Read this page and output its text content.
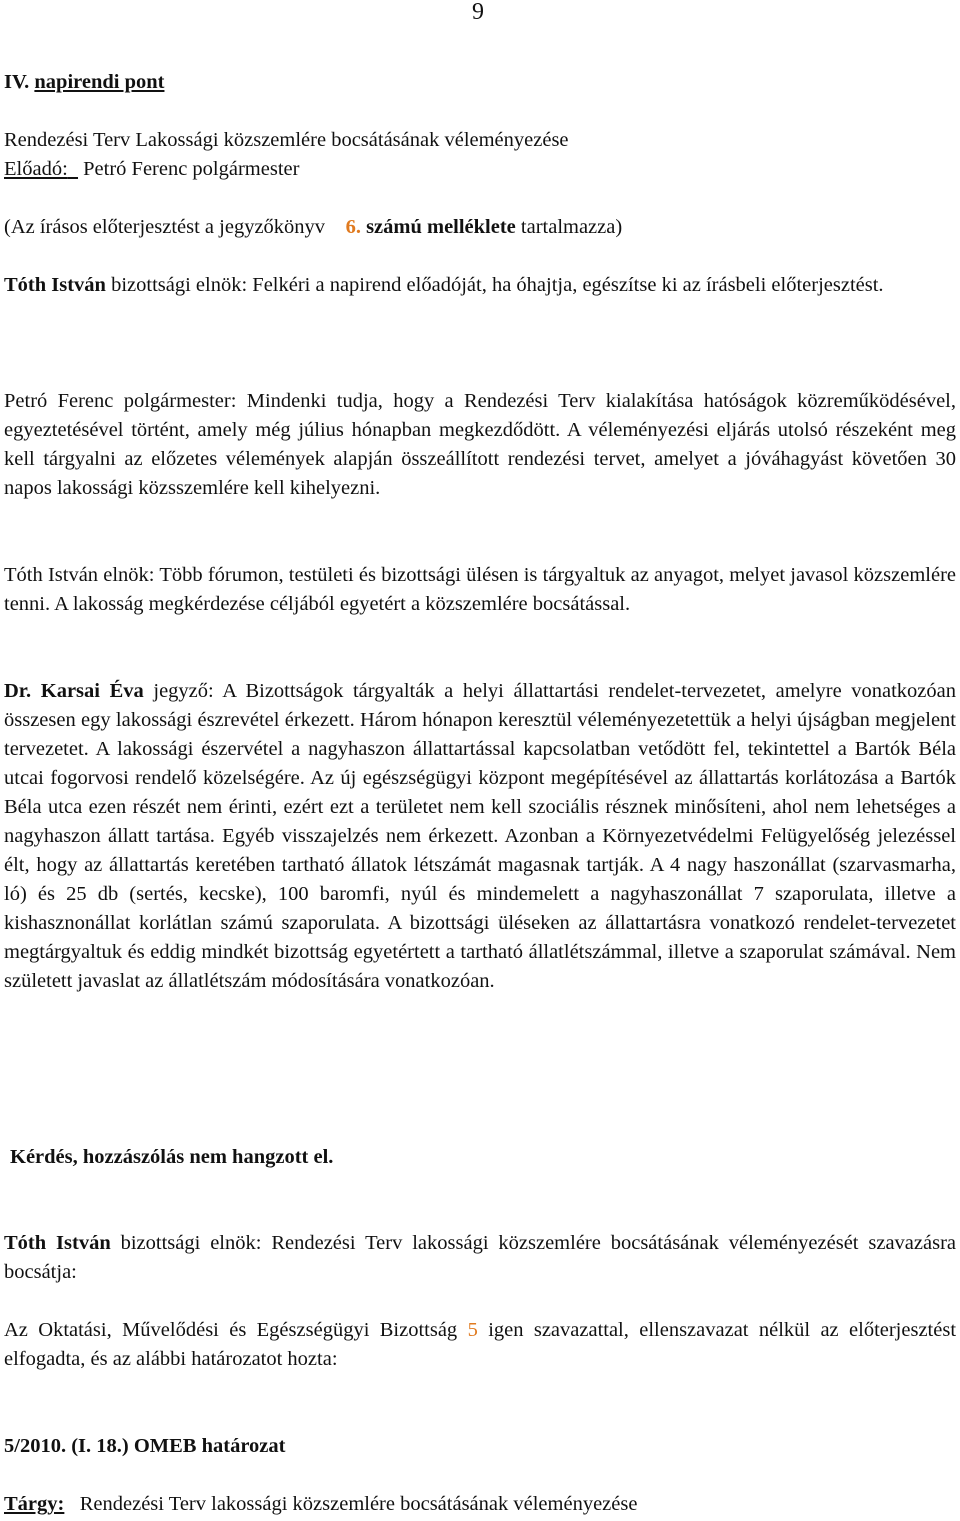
9
IV. napirendi pont
Rendezési Terv Lakossági közszemlére bocsátásának véleményezése
Előadó: Petró Ferenc polgármester
(Az írásos előterjesztést a jegyzőkönyv 6. számú melléklete tartalmazza)
Tóth István bizottsági elnök: Felkéri a napirend előadóját, ha óhajtja, egészítse ki az írásbeli előterjesztést.
Petró Ferenc polgármester: Mindenki tudja, hogy a Rendezési Terv kialakítása hatóságok közreműködésével, egyeztetésével történt, amely még július hónapban megkezdődött. A véleményezési eljárás utolsó részeként meg kell tárgyalni az előzetes vélemények alapján összeállított rendezési tervet, amelyet a jóváhagyást követően 30 napos lakossági közsszemlére kell kihelyezni.
Tóth István elnök: Több fórumon, testületi és bizottsági ülésen is tárgyaltuk az anyagot, melyet javasol közszemlére tenni. A lakosság megkérdezése céljából egyetért a közszemlére bocsátással.
Dr. Karsai Éva jegyző: A Bizottságok tárgyalták a helyi állattartási rendelet-tervezetet, amelyre vonatkozóan összesen egy lakossági észrevétel érkezett. Három hónapon keresztül véleményezetettük a helyi újságban megjelent tervezetet. A lakossági észervétel a nagyhaszon állattartással kapcsolatban vetődött fel, tekintettel a Bartók Béla utcai fogorvosi rendelő közelségére. Az új egészségügyi központ megépítésével az állattartás korlátozása a Bartók Béla utca ezen részét nem érinti, ezért ezt a területet nem kell szociális résznek minősíteni, ahol nem lehetséges a nagyhaszon állatt tartása. Egyéb visszajelzés nem érkezett. Azonban a Környezetvédelmi Felügyelőség jelezéssel élt, hogy az állattartás keretében tartható állatok létszámát magasnak tartják. A 4 nagy haszonállat (szarvasmarha, ló) és 25 db (sertés, kecske), 100 baromfi, nyúl és mindemelett a nagyhaszonállat 7 szaporulata, illetve a kishasznonállat korlátlan számú szaporulata. A bizottsági üléseken az állattartásra vonatkozó rendelet-tervezetet megtárgyaltuk és eddig mindkét bizottság egyetértett a tartható állatlétszámmal, illetve a szaporulat számával. Nem született javaslat az állatlétszám módosítására vonatkozóan.
Kérdés, hozzászólás nem hangzott el.
Tóth István bizottsági elnök: Rendezési Terv lakossági közszemlére bocsátásának véleményezését szavazásra bocsátja:
Az Oktatási, Művelődési és Egészségügyi Bizottság 5 igen szavazattal, ellenszavazat nélkül az előterjesztést elfogadta, és az alábbi határozatot hozta:
5/2010. (I. 18.) OMEB határozat
Tárgy: Rendezési Terv lakossági közszemlére bocsátásának véleményezése
